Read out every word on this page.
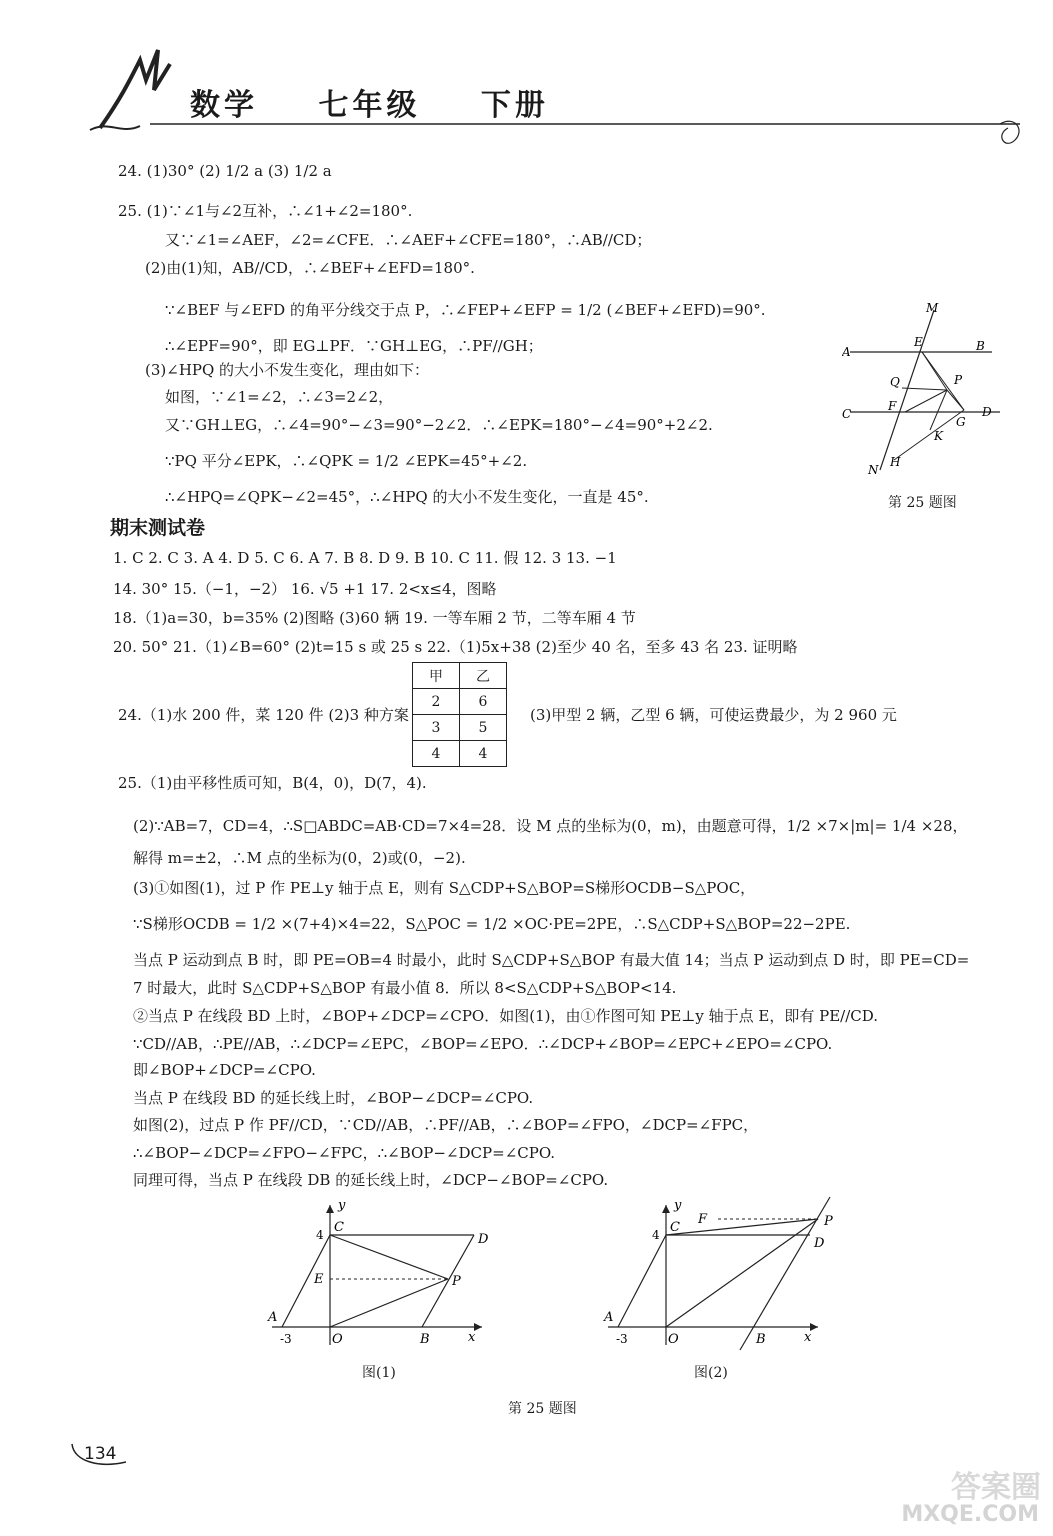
数学 七年级 下册
24. (1)30° (2) 1/2 a (3) 1/2 a
25. (1)∵∠1与∠2互补，∴∠1+∠2=180°.
又∵∠1=∠AEF，∠2=∠CFE．∴∠AEF+∠CFE=180°，∴AB//CD；
(2)由(1)知，AB//CD，∴∠BEF+∠EFD=180°.
∵∠BEF 与∠EFD 的角平分线交于点 P，∴∠FEP+∠EFP = 1/2 (∠BEF+∠EFD)=90°.
∴∠EPF=90°，即 EG⊥PF．∵GH⊥EG，∴PF//GH；
(3)∠HPQ 的大小不发生变化，理由如下：
如图，∵∠1=∠2，∴∠3=2∠2，
又∵GH⊥EG，∴∠4=90°−∠3=90°−2∠2．∴∠EPK=180°−∠4=90°+2∠2.
∵PQ 平分∠EPK，∴∠QPK = 1/2 ∠EPK=45°+∠2.
∴∠HPQ=∠QPK−∠2=45°，∴∠HPQ 的大小不发生变化，一直是 45°.
1. C 2. C 3. A 4. D 5. C 6. A 7. B 8. D 9. B 10. C 11. 假 12. 3 13. −1
14. 30° 15.（−1，−2） 16. √5 +1 17. 2<x≤4，图略
18.（1)a=30，b=35% (2)图略 (3)60 辆 19. 一等车厢 2 节，二等车厢 4 节
20. 50° 21.（1)∠B=60° (2)t=15 s 或 25 s 22.（1)5x+38 (2)至少 40 名，至多 43 名 23. 证明略
24.（1)水 200 件，菜 120 件 (2)3 种方案	(3)甲型 2 辆，乙型 6 辆，可使运费最少，为 2 960 元
25.（1)由平移性质可知，B(4，0)，D(7，4).
(2)∵AB=7，CD=4，∴S□ABDC=AB·CD=7×4=28．设 M 点的坐标为(0，m)，由题意可得，1/2 ×7×|m|= 1/4 ×28，
解得 m=±2，∴M 点的坐标为(0，2)或(0，−2).
(3)①如图(1)，过 P 作 PE⊥y 轴于点 E，则有 S△CDP+S△BOP=S梯形OCDB−S△POC，
∵S梯形OCDB = 1/2 ×(7+4)×4=22，S△POC = 1/2 ×OC·PE=2PE，∴S△CDP+S△BOP=22−2PE.
当点 P 运动到点 B 时，即 PE=OB=4 时最小，此时 S△CDP+S△BOP 有最大值 14；当点 P 运动到点 D 时，即 PE=CD=
7 时最大，此时 S△CDP+S△BOP 有最小值 8．所以 8<S△CDP+S△BOP<14.
②当点 P 在线段 BD 上时，∠BOP+∠DCP=∠CPO．如图(1)，由①作图可知 PE⊥y 轴于点 E，即有 PE//CD.
∵CD//AB，∴PE//AB，∴∠DCP=∠EPC，∠BOP=∠EPO．∴∠DCP+∠BOP=∠EPC+∠EPO=∠CPO.
即∠BOP+∠DCP=∠CPO.
当点 P 在线段 BD 的延长线上时，∠BOP−∠DCP=∠CPO.
如图(2)，过点 P 作 PF//CD，∵CD//AB，∴PF//AB，∴∠BOP=∠FPO，∠DCP=∠FPC，
∴∠BOP−∠DCP=∠FPO−∠FPC，∴∠BOP−∠DCP=∠CPO.
同理可得，当点 P 在线段 DB 的延长线上时，∠DCP−∠BOP=∠CPO.
期末测试卷
甲	乙
2	6
3	5
4	4
M
E
A	B
Q	P
C
F	D
G
K
N
H
第 25 题图
y
4 C
D
E	P
A
-3	O	B	x
图(1)
y
F	P
4 C
D
A
-3	O	B	x
图(2)
第 25 题图
134
答案圈
MXQE.COM
